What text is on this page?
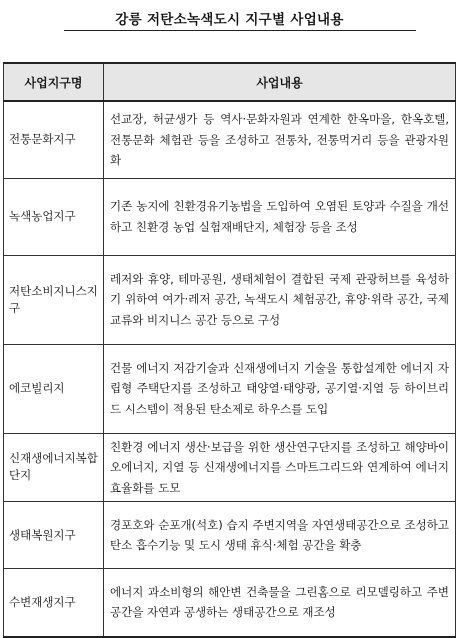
강릉 저탄소녹색도시 지구별 사업내용
사업지구명	사업내용
전통문화지구	선교장, 허균생가 등 역사·문화자원과 연계한 한옥마을, 한옥호텔, 전통문화 체험관 등을 조성하고 전통차, 전통먹거리 등을 관광자원화
녹색농업지구	기존 농지에 친환경유기농법을 도입하여 오염된 토양과 수질을 개선하고 친환경 농업 실험재배단지, 체험장 등을 조성
저탄소비지니스지구	레저와 휴양, 테마공원, 생태체험이 결합된 국제 관광허브를 육성하기 위하여 여가·레저 공간, 녹색도시 체험공간, 휴양·위락 공간, 국제교류와 비지니스 공간 등으로 구성
에코빌리지	건물 에너지 저감기술과 신재생에너지 기술을 통합설계한 에너지 자립형 주택단지를 조성하고 태양열·태양광, 공기열·지열 등 하이브리드 시스템이 적용된 탄소제로 하우스를 도입
신재생에너지복합단지	친환경 에너지 생산·보급을 위한 생산연구단지를 조성하고 해양바이오에너지, 지열 등 신재생에너지를 스마트그리드와 연계하여 에너지 효율화를 도모
생태복원지구	경포호와 순포개(석호) 습지 주변지역을 자연생태공간으로 조성하고 탄소 흡수기능 및 도시 생태 휴식·체험 공간을 확충
수변재생지구	에너지 과소비형의 해안변 건축물을 그린홈으로 리모델링하고 주변공간을 자연과 공생하는 생태공간으로 재조성
